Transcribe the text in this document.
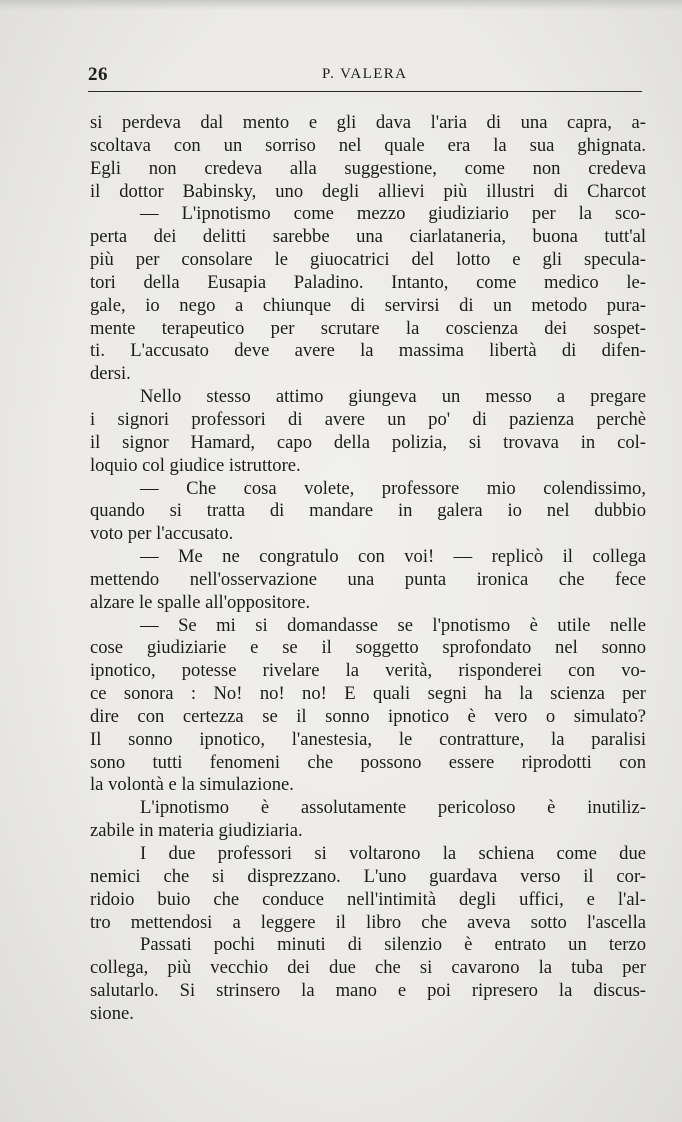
26	P. VALERA
si perdeva dal mento e gli dava l'aria di una capra, a-
scoltava con un sorriso nel quale era la sua ghignata.
Egli non credeva alla suggestione, come non credeva
il dottor Babinsky, uno degli allievi più illustri di Charcot
— L'ipnotismo come mezzo giudiziario per la sco-
perta dei delitti sarebbe una ciarlataneria, buona tutt'al
più per consolare le giuocatrici del lotto e gli specula-
tori della Eusapia Paladino. Intanto, come medico le-
gale, io nego a chiunque di servirsi di un metodo pura-
mente terapeutico per scrutare la coscienza dei sospet-
ti. L'accusato deve avere la massima libertà di difen-
dersi.
Nello stesso attimo giungeva un messo a pregare
i signori professori di avere un po' di pazienza perchè
il signor Hamard, capo della polizia, si trovava in col-
loquio col giudice istruttore.
— Che cosa volete, professore mio colendissimo,
quando si tratta di mandare in galera io nel dubbio
voto per l'accusato.
— Me ne congratulo con voi! — replicò il collega
mettendo nell'osservazione una punta ironica che fece
alzare le spalle all'oppositore.
— Se mi si domandasse se l'pnotismo è utile nelle
cose giudiziarie e se il soggetto sprofondato nel sonno
ipnotico, potesse rivelare la verità, risponderei con vo-
ce sonora : No! no! no! E quali segni ha la scienza per
dire con certezza se il sonno ipnotico è vero o simulato?
Il sonno ipnotico, l'anestesia, le contratture, la paralisi
sono tutti fenomeni che possono essere riprodotti con
la volontà e la simulazione.
L'ipnotismo è assolutamente pericoloso è inutiliz-
zabile in materia giudiziaria.
I due professori si voltarono la schiena come due
nemici che si disprezzano. L'uno guardava verso il cor-
ridoio buio che conduce nell'intimità degli uffici, e l'al-
tro mettendosi a leggere il libro che aveva sotto l'ascella
Passati pochi minuti di silenzio è entrato un terzo
collega, più vecchio dei due che si cavarono la tuba per
salutarlo. Si strinsero la mano e poi ripresero la discus-
sione.
